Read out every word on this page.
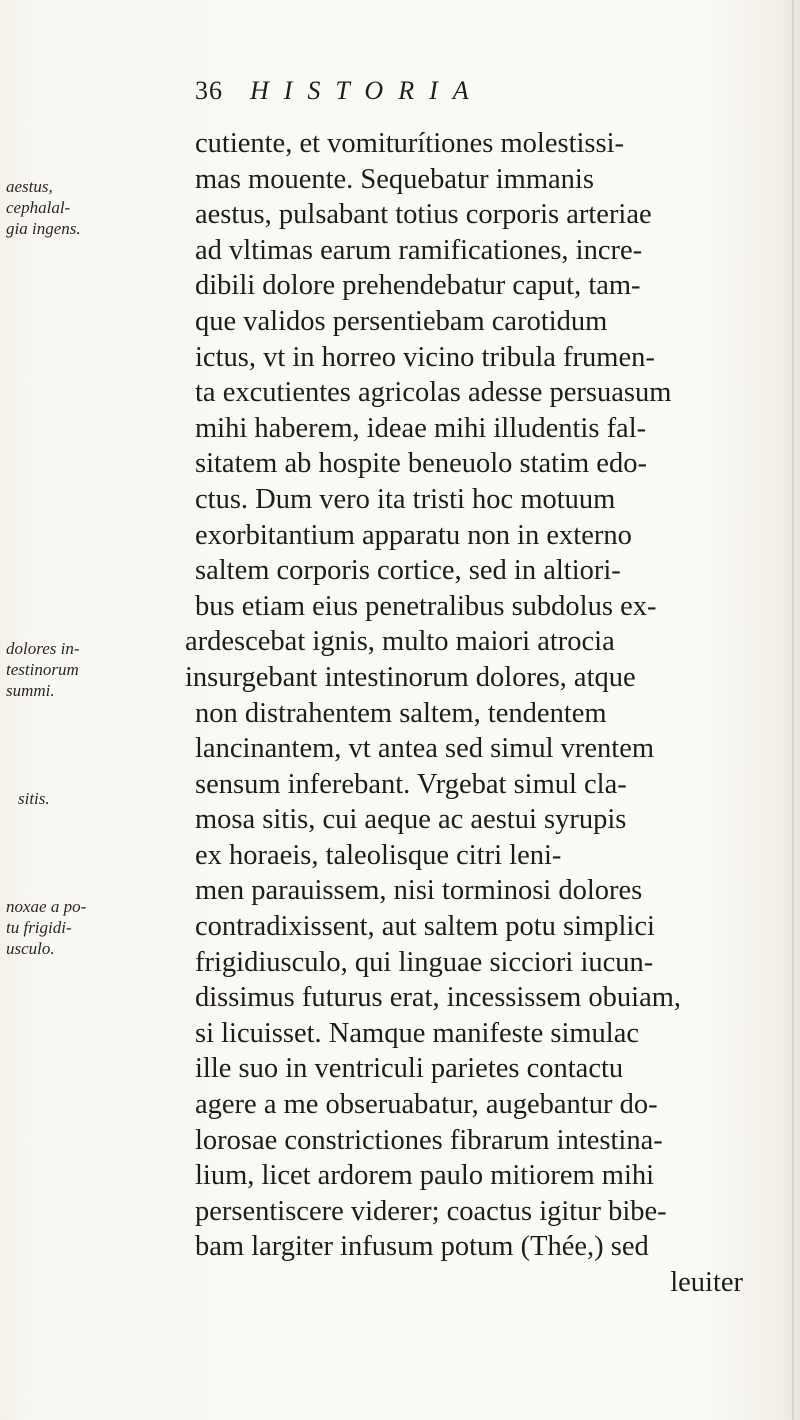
36 HISTORIA
aestus,
cephalal-
gia ingens.
dolores in-
testinorum
summi.
sitis.
noxae a po-
tu frigidi-
usculo.
cutiente, et vomiturítiones molestissi-
mas mouente. Sequebatur immanis
aestus, pulsabant totius corporis arteriae
ad vltimas earum ramificationes, incre-
dibili dolore prehendebatur caput, tam-
que validos persentiebam carotidum
ictus, vt in horreo vicino tribula frumen-
ta excutientes agricolas adesse persuasum
mihi haberem, ideae mihi illudentis fal-
sitatem ab hospite beneuolo statim edo-
ctus. Dum vero ita tristi hoc motuum
exorbitantium apparatu non in externo
saltem corporis cortice, sed in altiori-
bus etiam eius penetralibus subdolus ex-
ardescebat ignis, multo maiori atrocia
insurgebant intestinorum dolores, atque
non distrahentem saltem, tendentem
lancinantem, vt antea sed simul vrentem
sensum inferebant. Vrgebat simul cla-
mosa sitis, cui aeque ac aestui syrupis
ex horaeis, taleolisque citri leni-
men parauissem, nisi torminosi dolores
contradixissent, aut saltem potu simplici
frigidiusculo, qui linguae sicciori iucun-
dissimus futurus erat, incessissem obuiam,
si licuisset. Namque manifeste simulac
ille suo in ventriculi parietes contactu
agere a me obseruabatur, augebantur do-
lorosae constrictiones fibrarum intestina-
lium, licet ardorem paulo mitiorem mihi
persentiscere viderer; coactus igitur bibe-
bam largiter infusum potum (Thée,) sed
leuiter
